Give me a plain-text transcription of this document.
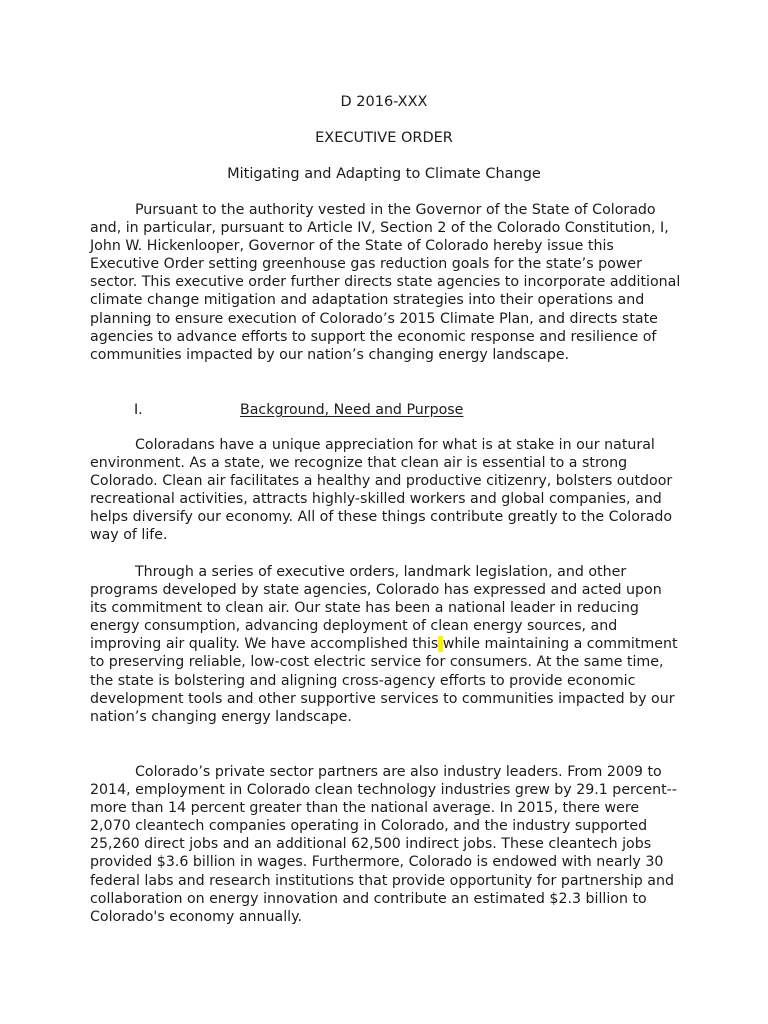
D 2016-XXX
EXECUTIVE ORDER
Mitigating and Adapting to Climate Change

Pursuant to the authority vested in the Governor of the State of Colorado and, in particular, pursuant to Article IV, Section 2 of the Colorado Constitution, I, John W. Hickenlooper, Governor of the State of Colorado hereby issue this Executive Order setting greenhouse gas reduction goals for the state’s power sector. This executive order further directs state agencies to incorporate additional climate change mitigation and adaptation strategies into their operations and planning to ensure execution of Colorado’s 2015 Climate Plan, and directs state agencies to advance efforts to support the economic response and resilience of communities impacted by our nation’s changing energy landscape.

I.	Background, Need and Purpose

Coloradans have a unique appreciation for what is at stake in our natural environment. As a state, we recognize that clean air is essential to a strong Colorado. Clean air facilitates a healthy and productive citizenry, bolsters outdoor recreational activities, attracts highly-skilled workers and global companies, and helps diversify our economy. All of these things contribute greatly to the Colorado way of life.

Through a series of executive orders, landmark legislation, and other programs developed by state agencies, Colorado has expressed and acted upon its commitment to clean air. Our state has been a national leader in reducing energy consumption, advancing deployment of clean energy sources, and improving air quality. We have accomplished this while maintaining a commitment to preserving reliable, low-cost electric service for consumers. At the same time, the state is bolstering and aligning cross-agency efforts to provide economic development tools and other supportive services to communities impacted by our nation’s changing energy landscape.

Colorado’s private sector partners are also industry leaders. From 2009 to 2014, employment in Colorado clean technology industries grew by 29.1 percent-- more than 14 percent greater than the national average. In 2015, there were 2,070 cleantech companies operating in Colorado, and the industry supported 25,260 direct jobs and an additional 62,500 indirect jobs. These cleantech jobs provided $3.6 billion in wages. Furthermore, Colorado is endowed with nearly 30 federal labs and research institutions that provide opportunity for partnership and collaboration on energy innovation and contribute an estimated $2.3 billion to Colorado's economy annually.
